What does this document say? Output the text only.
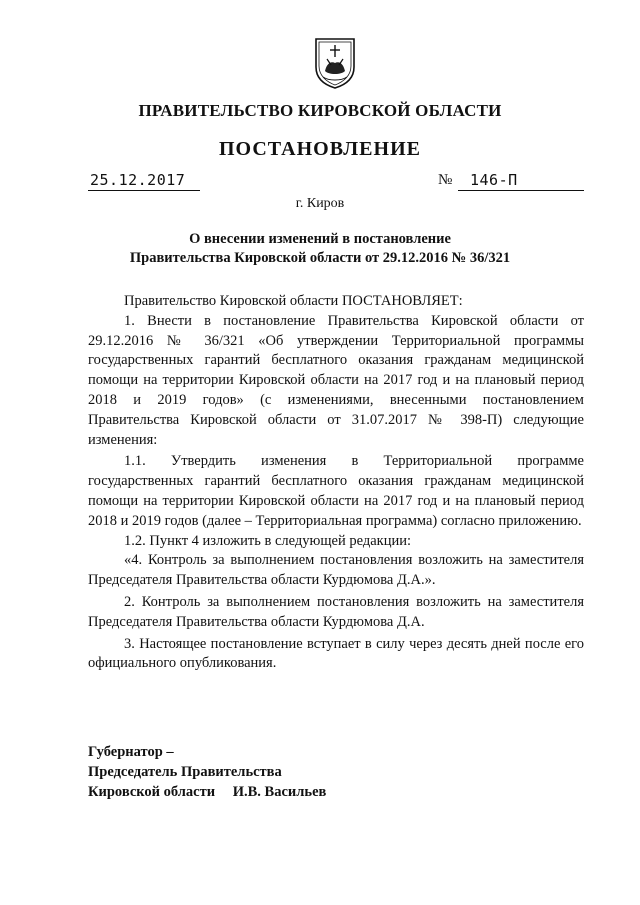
ПРАВИТЕЛЬСТВО КИРОВСКОЙ ОБЛАСТИ
ПОСТАНОВЛЕНИЕ
25.12.2017	№ 146-П
г. Киров
О внесении изменений в постановление
Правительства Кировской области от 29.12.2016 № 36/321

Правительство Кировской области ПОСТАНОВЛЯЕТ:

1. Внести в постановление Правительства Кировской области от 29.12.2016 № 36/321 «Об утверждении Территориальной программы государственных гарантий бесплатного оказания гражданам медицинской помощи на территории Кировской области на 2017 год и на плановый период 2018 и 2019 годов» (с изменениями, внесенными постановлением Правительства Кировской области от 31.07.2017 № 398-П) следующие изменения:

1.1. Утвердить изменения в Территориальной программе государственных гарантий бесплатного оказания гражданам медицинской помощи на территории Кировской области на 2017 год и на плановый период 2018 и 2019 годов (далее – Территориальная программа) согласно приложению.

1.2. Пункт 4 изложить в следующей редакции:

«4. Контроль за выполнением постановления возложить на заместителя Председателя Правительства области Курдюмова Д.А.».

2. Контроль за выполнением постановления возложить на заместителя Председателя Правительства области Курдюмова Д.А.

3. Настоящее постановление вступает в силу через десять дней после его официального опубликования.

Губернатор –
Председатель Правительства
Кировской области И.В. Васильев
